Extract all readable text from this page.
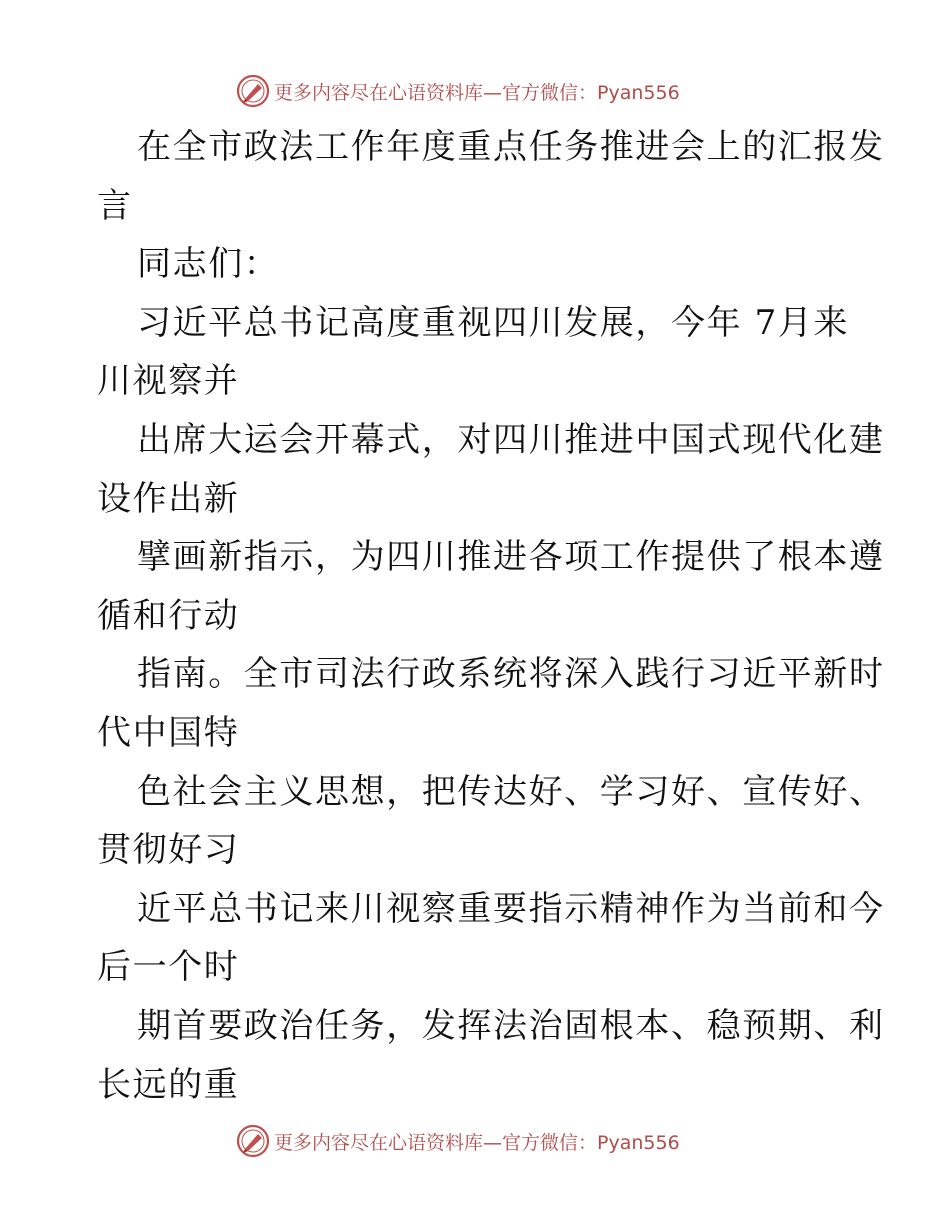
更多内容尽在心语资料库—官方微信：Pyan556
在全市政法工作年度重点任务推进会上的汇报发
言
同志们：
习近平总书记高度重视四川发展，今年 7月来
川视察并
出席大运会开幕式，对四川推进中国式现代化建
设作出新
擘画新指示，为四川推进各项工作提供了根本遵
循和行动
指南。全市司法行政系统将深入践行习近平新时
代中国特
色社会主义思想，把传达好、学习好、宣传好、
贯彻好习
近平总书记来川视察重要指示精神作为当前和今
后一个时
期首要政治任务，发挥法治固根本、稳预期、利
长远的重
更多内容尽在心语资料库—官方微信：Pyan556
